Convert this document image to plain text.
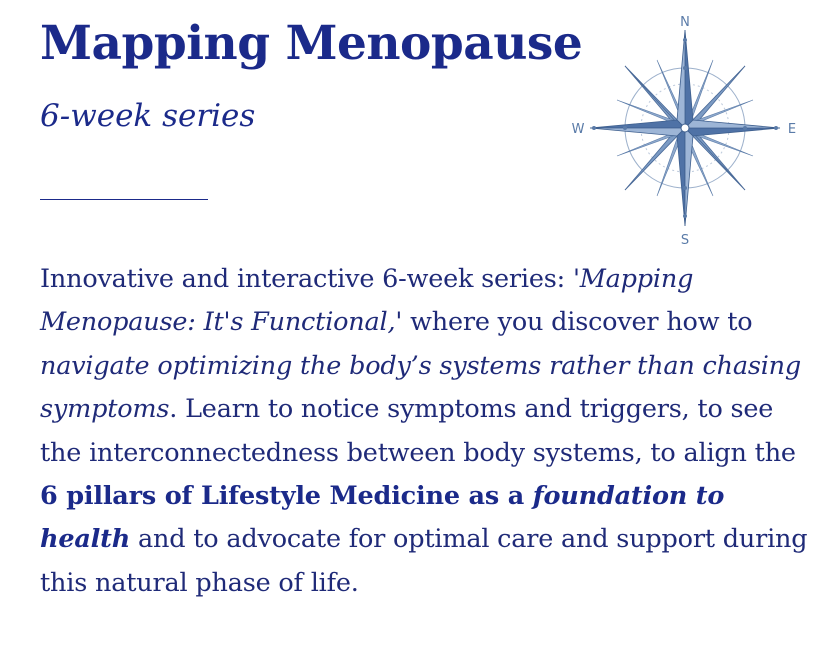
Mapping Menopause
6-week series
N
S
W	E

Innovative and interactive 6-week series: 'Mapping Menopause: It's Functional,' where you discover how to navigate optimizing the body’s systems rather than chasing symptoms. Learn to notice symptoms and triggers, to see the interconnectedness between body systems, to align the 6 pillars of Lifestyle Medicine as a foundation to health and to advocate for optimal care and support during this natural phase of life.
